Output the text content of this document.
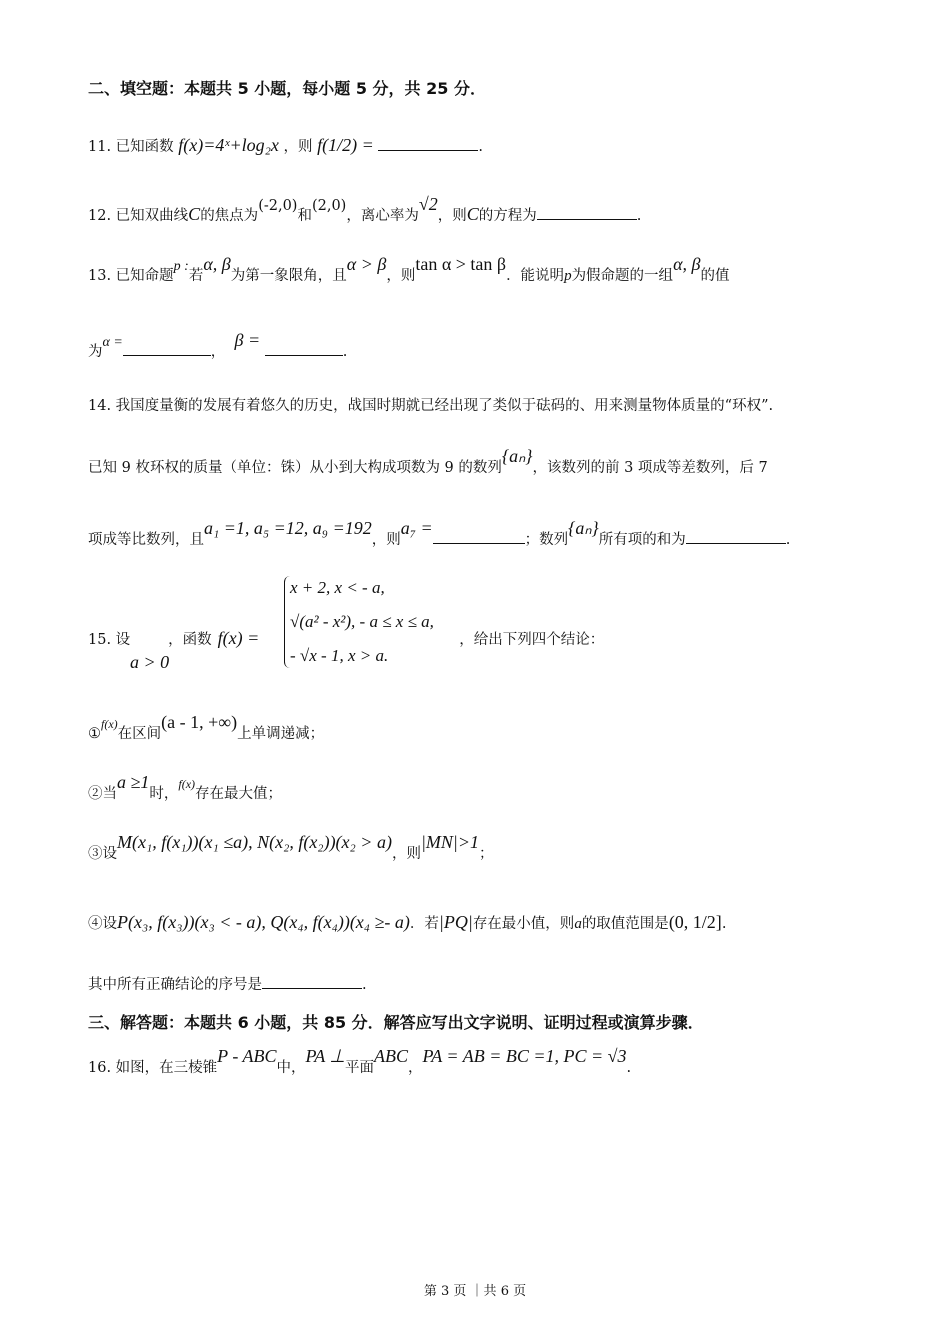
二、填空题：本题共 5 小题，每小题 5 分，共 25 分．
11. 已知函数 f(x)=4ˣ+log₂x ，则 f(1/2) =	.
12. 已知双曲线C的焦点为(-2,0)和(2,0)，离心率为√2，则C的方程为	.
13. 已知命题p :若α, β为第一象限角，且α > β，则tan α > tan β．能说明p为假命题的一组α, β的值
为α =，  β = .
14. 我国度量衡的发展有着悠久的历史，战国时期就已经出现了类似于砝码的、用来测量物体质量的“环权”.
已知 9 枚环权的质量（单位：铢）从小到大构成项数为 9 的数列{aₙ}，该数列的前 3 项成等差数列，后 7
项成等比数列，且a₁ =1, a₅ =12, a₉ =192，则a₇ =；数列{aₙ}所有项的和为	.
15. 设	，函数 f(x) =	，给出下列四个结论：
a > 0
x + 2, x < - a,
√(a² - x²), - a ≤ x ≤ a,
- √x - 1, x > a.
①$^{f(x)}$在区间(a - 1, +∞)上单调递减；
②当a ≥1时，$^{f(x)}$存在最大值；
③设M(x₁, f(x₁))(x₁ ≤a), N(x₂, f(x₂))(x₂ > a)，则|MN|>1；
④设P(x₃, f(x₃))(x₃ < - a), Q(x₄, f(x₄))(x₄ ≥- a)．若|PQ|存在最小值，则a的取值范围是(0, 1/2].
其中所有正确结论的序号是	.
三、解答题：本题共 6 小题，共 85 分．解答应写出文字说明、证明过程或演算步骤．
16. 如图，在三棱锥P - ABC中，PA ⊥平面ABC，PA = AB = BC =1, PC = √3.
第 3 页 ｜共 6 页
